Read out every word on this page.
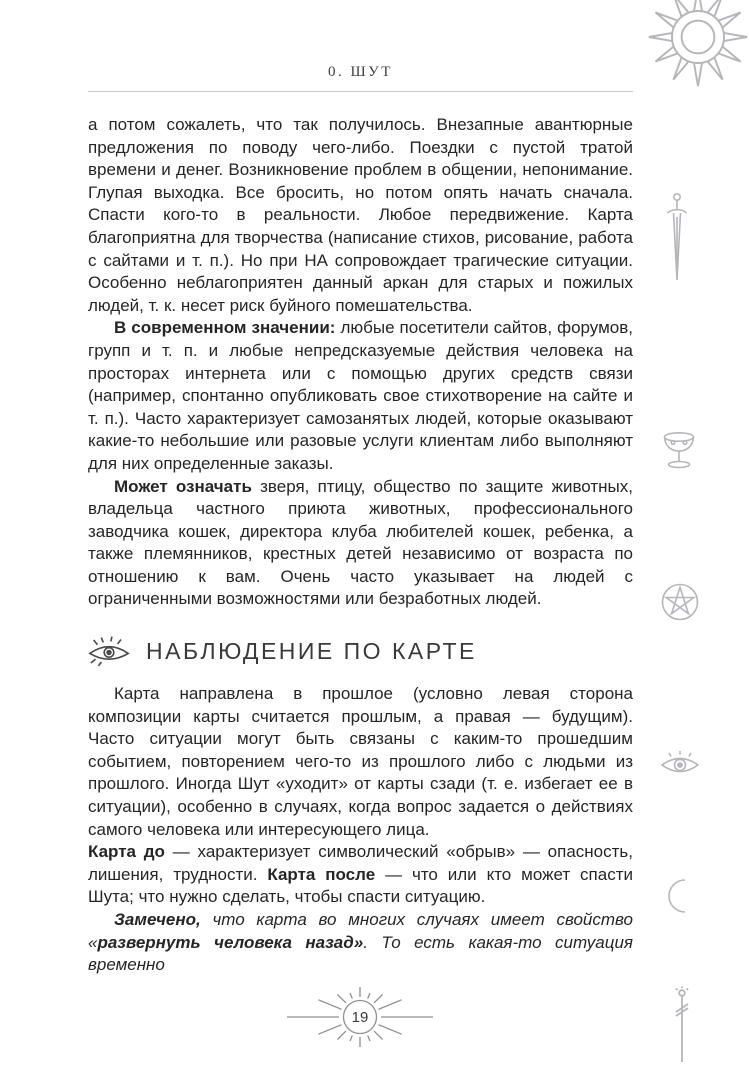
0. ШУТ

а потом сожалеть, что так получилось. Внезапные авантюрные предложения по поводу чего-либо. Поездки с пустой тратой времени и денег. Возникновение проблем в общении, непонимание. Глупая выходка. Все бросить, но потом опять начать сначала. Спасти кого-то в реальности. Любое передвижение. Карта благоприятна для творчества (написание стихов, рисование, работа с сайтами и т. п.). Но при НА сопровождает трагические ситуации. Особенно неблагоприятен данный аркан для старых и пожилых людей, т. к. несет риск буйного помешательства.

В современном значении: любые посетители сайтов, форумов, групп и т. п. и любые непредсказуемые действия человека на просторах интернета или с помощью других средств связи (например, спонтанно опубликовать свое стихотворение на сайте и т. п.). Часто характеризует самозанятых людей, которые оказывают какие-то небольшие или разовые услуги клиентам либо выполняют для них определенные заказы.

Может означать зверя, птицу, общество по защите животных, владельца частного приюта животных, профессионального заводчика кошек, директора клуба любителей кошек, ребенка, а также племянников, крестных детей независимо от возраста по отношению к вам. Очень часто указывает на людей с ограниченными возможностями или безработных людей.

НАБЛЮДЕНИЕ ПО КАРТЕ

Карта направлена в прошлое (условно левая сторона композиции карты считается прошлым, а правая — будущим). Часто ситуации могут быть связаны с каким-то прошедшим событием, повторением чего-то из прошлого либо с людьми из прошлого. Иногда Шут «уходит» от карты сзади (т. е. избегает ее в ситуации), особенно в случаях, когда вопрос задается о действиях самого человека или интересующего лица.

Карта до — характеризует символический «обрыв» — опасность, лишения, трудности. Карта после — что или кто может спасти Шута; что нужно сделать, чтобы спасти ситуацию.

Замечено, что карта во многих случаях имеет свойство «развернуть человека назад». То есть какая-то ситуация временно

19
